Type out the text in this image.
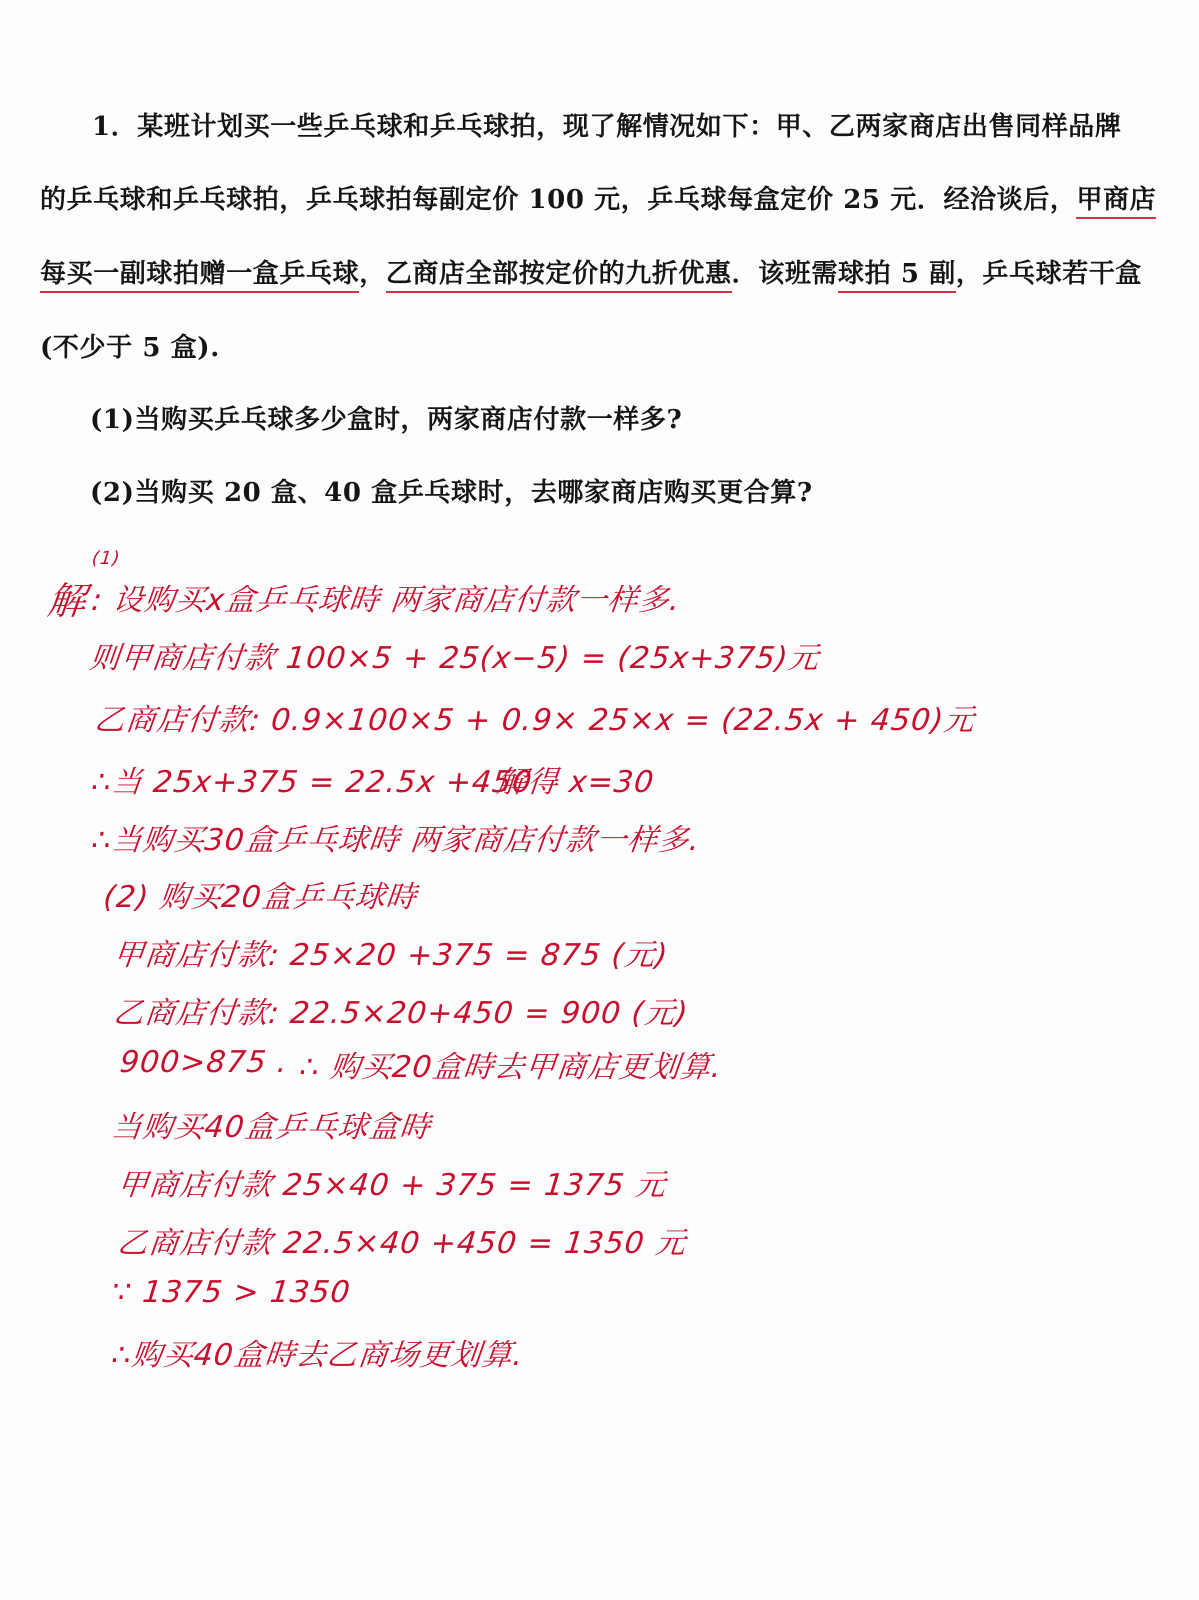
1．某班计划买一些乒乓球和乒乓球拍，现了解情况如下：甲、乙两家商店出售同样品牌
的乒乓球和乒乓球拍，乒乓球拍每副定价 100 元，乒乓球每盒定价 25 元．经洽谈后，甲商店
每买一副球拍赠一盒乒乓球，乙商店全部按定价的九折优惠．该班需球拍 5 副，乒乓球若干盒
(不少于 5 盒).
(1)当购买乒乓球多少盒时，两家商店付款一样多?
(2)当购买 20 盒、40 盒乒乓球时，去哪家商店购买更合算?
(1)
解 : 设购买x盒乒乓球時 两家商店付款一样多.
则甲商店付款 100×5 + 25(x−5) = (25x+375)元
乙商店付款: 0.9×100×5 + 0.9× 25×x = (22.5x + 450)元
∴当 25x+375 = 22.5x +450
解得 x=30
∴当购买30盒乒乓球時 两家商店付款一样多.
(2) 购买20盒乒乓球時
甲商店付款: 25×20 +375 = 875 (元)
乙商店付款: 22.5×20+450 = 900 (元)
900>875 . ∴ 购买20盒時去甲商店更划算.
当购买40盒乒乓球盒時
甲商店付款 25×40 + 375 = 1375 元
乙商店付款 22.5×40 +450 = 1350 元
∵ 1375 > 1350
∴购买40盒時去乙商场更划算.
